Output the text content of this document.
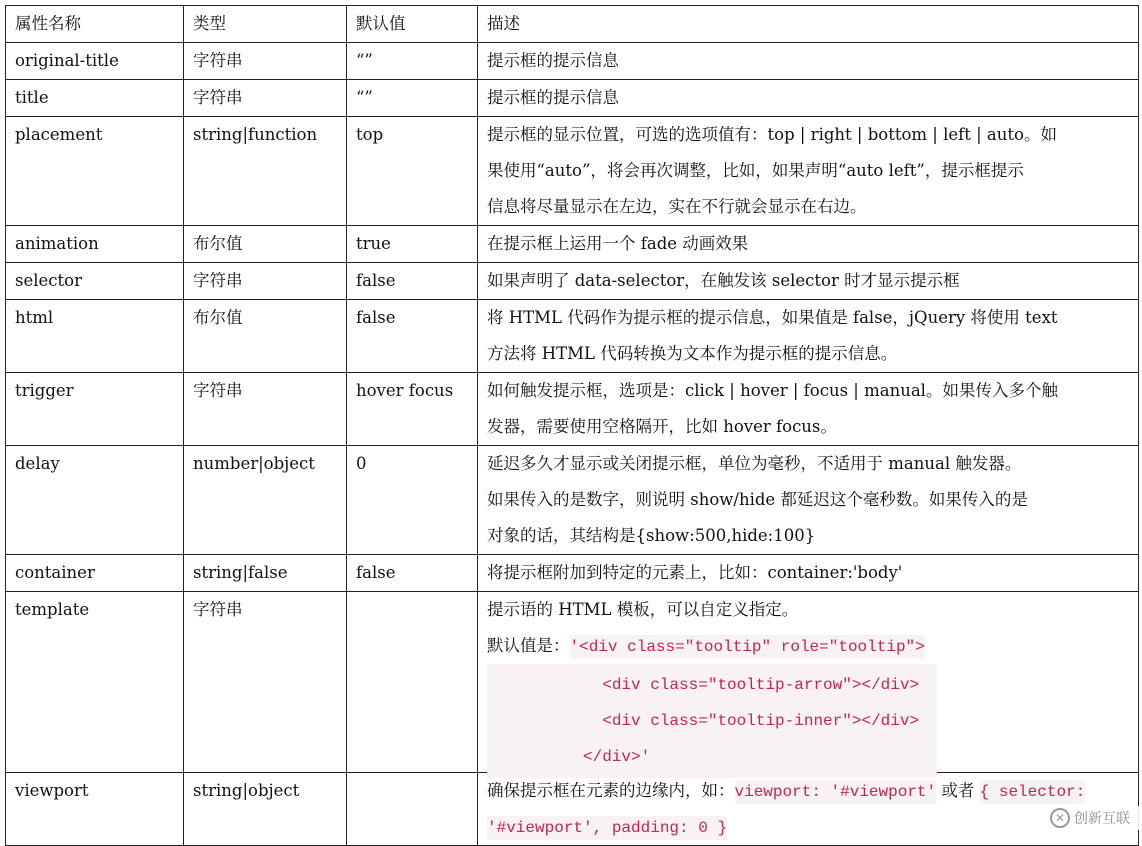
属性名称	类型	默认值	描述
original-title	字符串	“”	提示框的提示信息

title	字符串	“”	提示框的提示信息

placement	string|function	top	提示框的显示位置，可选的选项值有：top | right | bottom | left | auto。如
果使用“auto”，将会再次调整，比如，如果声明“auto left”，提示框提示
信息将尽量显示在左边，实在不行就会显示在右边。

animation	布尔值	true	在提示框上运用一个 fade 动画效果

selector	字符串	false	如果声明了 data-selector，在触发该 selector 时才显示提示框

html	布尔值	false	将 HTML 代码作为提示框的提示信息，如果值是 false，jQuery 将使用 text
方法将 HTML 代码转换为文本作为提示框的提示信息。

trigger	字符串	hover focus	如何触发提示框，选项是：click | hover | focus | manual。如果传入多个触
发器，需要使用空格隔开，比如 hover focus。

delay	number|object	0	延迟多久才显示或关闭提示框，单位为毫秒，不适用于 manual 触发器。
如果传入的是数字，则说明 show/hide 都延迟这个毫秒数。如果传入的是
对象的话，其结构是{show:500,hide:100}

container	string|false	false	将提示框附加到特定的元素上，比如：container:'body'

template	字符串		提示语的 HTML 模板，可以自定义指定。
默认值是：'<div class="tooltip" role="tooltip">
<div class="tooltip-arrow"></div>
<div class="tooltip-inner"></div>
</div>'

viewport	string|object		确保提示框在元素的边缘内，如：viewport: '#viewport' 或者 { selector:
'#viewport', padding: 0 }
✕ 创新互联
